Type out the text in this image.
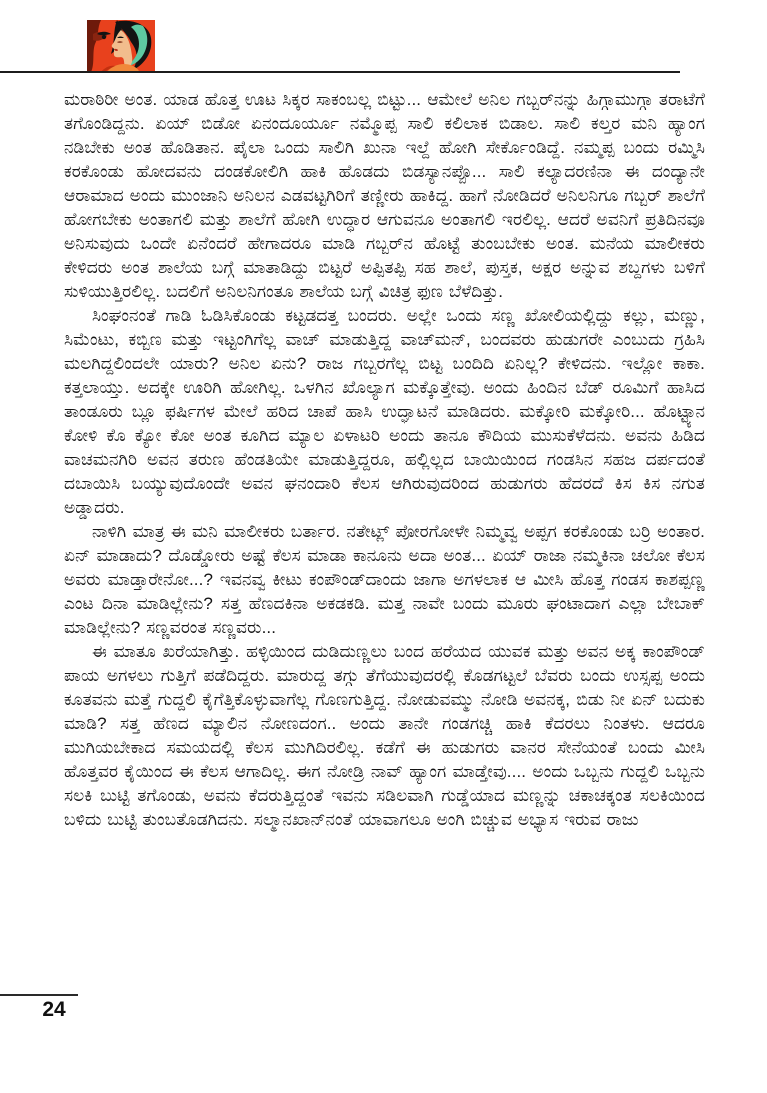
ಮರಾಠಿರೀ ಅಂತ. ಯಾಡ ಹೊತ್ತ ಊಟ ಸಿಕ್ಕರ ಸಾಕಂಬಲ್ಲ ಬಿಟ್ಟು... ಆಮೇಲೆ ಅನಿಲ ಗಬ್ಬರ್‌ನನ್ನು ಹಿಗ್ಗಾಮುಗ್ಗಾ ತರಾಟೆಗೆ ತಗೊಂಡಿದ್ದನು. ಏಯ್ ಬಿಡೋ ಏನಂದೂರ್ಯೂ ನಮ್ಮೊಪ್ಪ ಸಾಲಿ ಕಲಿಲಾಕ ಬಿಡಾಲ. ಸಾಲಿ ಕಲ್ತರ ಮನಿ ಹ್ಯಾಂಗ ನಡಿಬೇಕು ಅಂತ ಹೊಡಿತಾನ. ಪೈಲಾ ಒಂದು ಸಾಲಿಗಿ ಖುನಾ ಇಲ್ದೆ ಹೋಗಿ ಸೇರ್ಕೊಂಡಿದ್ದೆ. ನಮ್ಮಪ್ಪ ಬಂದು ರಮ್ಮಿಸಿ ಕರಕೊಂಡು ಹೋದವನು ದಂಡಕೋಲಿಗಿ ಹಾಕಿ ಹೊಡದು ಬಿಡಸ್ಯಾನಪ್ಪೊ... ಸಾಲಿ ಕಲ್ಯಾದರಣಿನಾ ಈ ದಂದ್ಯಾನೇ ಆರಾಮಾದ ಅಂದು ಮುಂಜಾನಿ ಅನಿಲನ ಎಡವಟ್ಟಗಿರಿಗೆ ತಣ್ಣೀರು ಹಾಕಿದ್ದ. ಹಾಗೆ ನೋಡಿದರೆ ಅನಿಲನಿಗೂ ಗಬ್ಬರ್ ಶಾಲೆಗೆ ಹೋಗಬೇಕು ಅಂತಾಗಲಿ ಮತ್ತು ಶಾಲೆಗೆ ಹೋಗಿ ಉದ್ಧಾರ ಆಗುವನೂ ಅಂತಾಗಲಿ ಇರಲಿಲ್ಲ. ಆದರೆ ಅವನಿಗೆ ಪ್ರತಿದಿನವೂ ಅನಿಸುವುದು ಒಂದೇ ಏನೆಂದರೆ ಹೇಗಾದರೂ ಮಾಡಿ ಗಬ್ಬರ್‌ನ ಹೊಟ್ಟೆ ತುಂಬಬೇಕು ಅಂತ. ಮನೆಯ ಮಾಲೀಕರು ಕೇಳಿದರು ಅಂತ ಶಾಲೆಯ ಬಗ್ಗೆ ಮಾತಾಡಿದ್ದು ಬಿಟ್ಟರೆ ಅಪ್ಪಿತಪ್ಪಿ ಸಹ ಶಾಲೆ, ಪುಸ್ತಕ, ಅಕ್ಷರ ಅನ್ನುವ ಶಬ್ದಗಳು ಬಳಿಗೆ ಸುಳಿಯುತ್ತಿರಲಿಲ್ಲ. ಬದಲಿಗೆ ಅನಿಲನಿಗಂತೂ ಶಾಲೆಯ ಬಗ್ಗೆ ವಿಚಿತ್ರ ಫುಣ ಬೆಳೆದಿತ್ತು.

ಸಿಂಘಂನಂತೆ ಗಾಡಿ ಓಡಿಸಿಕೊಂಡು ಕಟ್ಟಡದತ್ತ ಬಂದರು. ಅಲ್ಲೇ ಒಂದು ಸಣ್ಣ ಖೋಲಿಯಲ್ಲಿದ್ದು ಕಲ್ಲು, ಮಣ್ಣು, ಸಿಮೆಂಟು, ಕಬ್ಬಿಣ ಮತ್ತು ಇಟ್ಟಂಗಿಗೆಲ್ಲ ವಾಚ್ ಮಾಡುತ್ತಿದ್ದ ವಾಚ್‌ಮನ್, ಬಂದವರು ಹುಡುಗರೇ ಎಂಬುದು ಗ್ರಹಿಸಿ ಮಲಗಿದ್ದಲಿಂದಲೇ ಯಾರು? ಅನಿಲ ಏನು? ರಾಜ ಗಬ್ಬರಗೆಲ್ಲ ಬಿಟ್ಟ ಬಂದಿದಿ ಏನಿಲ್ಲ? ಕೇಳಿದನು. ಇಲ್ಲೋ ಕಾಕಾ. ಕತ್ತಲಾಯ್ತು. ಅದಕ್ಕೇ ಊರಿಗಿ ಹೋಗಿಲ್ಲ. ಒಳಗಿನ ಖೊಲ್ಯಾಗ ಮಕ್ಕೊತ್ತೇವು. ಅಂದು ಹಿಂದಿನ ಬೆಡ್ ರೂಮಿಗೆ ಹಾಸಿದ ತಾಂಡೂರು ಬ್ಲೂ ಫರ್ಷಿಗಳ ಮೇಲೆ ಹರಿದ ಚಾಪೆ ಹಾಸಿ ಉದ್ಘಾಟನೆ ಮಾಡಿದರು. ಮಕ್ಕೋರಿ ಮಕ್ಕೋರಿ... ಹೊಟ್ಟ್ಯಾನ ಕೋಳಿ ಕೊ ಕ್ಯೋ ಕೋ ಅಂತ ಕೂಗಿದ ಮ್ಯಾಲ ಏಳಾಟರಿ ಅಂದು ತಾನೂ ಕೌದಿಯ ಮುಸುಕೆಳೆದನು. ಅವನು ಹಿಡಿದ ವಾಚಮನಗಿರಿ ಅವನ ತರುಣ ಹೆಂಡತಿಯೇ ಮಾಡುತ್ತಿದ್ದರೂ, ಹಲ್ಲಿಲ್ಲದ ಬಾಯಿಯಿಂದ ಗಂಡಸಿನ ಸಹಜ ದರ್ಪದಂತೆ ದಬಾಯಿಸಿ ಬಯ್ಯುವುದೊಂದೇ ಅವನ ಘನಂದಾರಿ ಕೆಲಸ ಆಗಿರುವುದರಿಂದ ಹುಡುಗರು ಹೆದರದೆ ಕಿಸ ಕಿಸ ನಗುತ ಅಡ್ಡಾದರು.

ನಾಳಿಗಿ ಮಾತ್ರ ಈ ಮನಿ ಮಾಲೀಕರು ಬರ್ತಾರ. ನತೇಟ್ಲ್ ಪೋರಗೋಳೇ ನಿಮ್ಮವ್ವ ಅಪ್ಪಗ ಕರಕೊಂಡು ಬರ್ರಿ ಅಂತಾರ. ಏನ್ ಮಾಡಾದು? ದೊಡ್ಡೋರು ಅಷ್ಟೆ ಕೆಲಸ ಮಾಡಾ ಕಾನೂನು ಅದಾ ಅಂತ... ಏಯ್ ರಾಜಾ ನಮ್ಮಕಿನಾ ಚಲೋ ಕೆಲಸ ಅವರು ಮಾಡ್ತಾರೇನೋ...? ಇವನವ್ವ ಕೀಟು ಕಂಪೌಂಡ್‌ದಾಂದು ಜಾಗಾ ಅಗಳಲಾಕ ಆ ಮೀಸಿ ಹೊತ್ತ ಗಂಡಸ ಕಾಶಪ್ಪಣ್ಣ ಎಂಟ ದಿನಾ ಮಾಡಿಲ್ಲೇನು? ಸತ್ತ ಹೆಣದಕಿನಾ ಅಕಡಕಡಿ. ಮತ್ತ ನಾವೇ ಬಂದು ಮೂರು ಘಂಟಾದಾಗ ಎಲ್ಲಾ ಬೇಬಾಕ್ ಮಾಡಿಲ್ಲೇನು? ಸಣ್ಣವರಂತ ಸಣ್ಣವರು...

ಈ ಮಾತೂ ಖರೆಯಾಗಿತ್ತು. ಹಳ್ಳಿಯಿಂದ ದುಡಿದುಣ್ಣಲು ಬಂದ ಹರೆಯದ ಯುವಕ ಮತ್ತು ಅವನ ಅಕ್ಕ ಕಾಂಪೌಂಡ್ ಪಾಯ ಅಗಳಲು ಗುತ್ತಿಗೆ ಪಡೆದಿದ್ದರು. ಮಾರುದ್ದ ತಗ್ಗು ತೆಗೆಯುವುದರಲ್ಲಿ ಕೊಡಗಟ್ಟಲೆ ಬೆವರು ಬಂದು ಉಸ್ಸಪ್ಪ ಅಂದು ಕೂತವನು ಮತ್ತೆ ಗುದ್ದಲಿ ಕೈಗೆತ್ತಿಕೊಳ್ಳುವಾಗೆಲ್ಲ ಗೊಣಗುತ್ತಿದ್ದ. ನೋಡುವಮ್ಮು ನೋಡಿ ಅವನಕ್ಕ, ಬಿಡು ನೀ ಏನ್ ಬದುಕು ಮಾಡಿ? ಸತ್ತ ಹೆಣದ ಮ್ಯಾಲಿನ ನೋಣದಂಗ.. ಅಂದು ತಾನೇ ಗಂಡಗಚ್ಚಿ ಹಾಕಿ ಕೆದರಲು ನಿಂತಳು. ಆದರೂ ಮುಗಿಯಬೇಕಾದ ಸಮಯದಲ್ಲಿ ಕೆಲಸ ಮುಗಿದಿರಲಿಲ್ಲ. ಕಡೆಗೆ ಈ ಹುಡುಗರು ವಾನರ ಸೇನೆಯಂತೆ ಬಂದು ಮೀಸಿ ಹೊತ್ತವರ ಕೈಯಿಂದ ಈ ಕೆಲಸ ಆಗಾದಿಲ್ಲ. ಈಗ ನೋಡ್ರಿ ನಾವ್ ಹ್ಯಾಂಗ ಮಾಡ್ತೇವು.... ಅಂದು ಒಬ್ಬನು ಗುದ್ದಲಿ ಒಬ್ಬನು ಸಲಕಿ ಬುಟ್ಟಿ ತಗೊಂಡು, ಅವನು ಕೆದರುತ್ತಿದ್ದಂತೆ ಇವನು ಸಡಿಲವಾಗಿ ಗುಡ್ಡೆಯಾದ ಮಣ್ಣನ್ನು ಚಕಾಚಕ್ಕಂತ ಸಲಕಿಯಿಂದ ಬಳಿದು ಬುಟ್ಟಿ ತುಂಬತೊಡಗಿದನು. ಸಲ್ಮಾನಖಾನ್‌ನಂತೆ ಯಾವಾಗಲೂ ಅಂಗಿ ಬಿಚ್ಚುವ ಅಭ್ಯಾಸ ಇರುವ ರಾಜು

24
